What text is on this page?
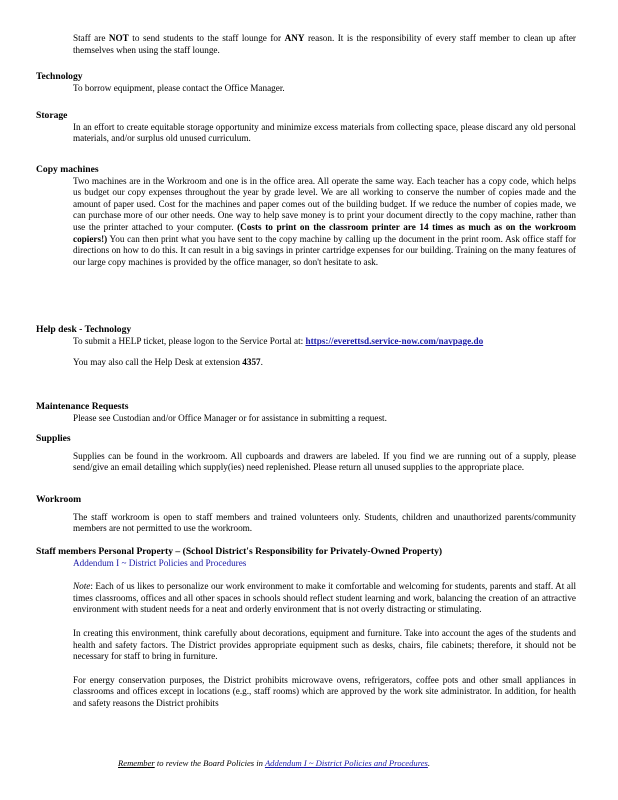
Staff are NOT to send students to the staff lounge for ANY reason. It is the responsibility of every staff member to clean up after themselves when using the staff lounge.

Technology

To borrow equipment, please contact the Office Manager.

Storage

In an effort to create equitable storage opportunity and minimize excess materials from collecting space, please discard any old personal materials, and/or surplus old unused curriculum.

Copy machines

Two machines are in the Workroom and one is in the office area. All operate the same way. Each teacher has a copy code, which helps us budget our copy expenses throughout the year by grade level. We are all working to conserve the number of copies made and the amount of paper used. Cost for the machines and paper comes out of the building budget. If we reduce the number of copies made, we can purchase more of our other needs. One way to help save money is to print your document directly to the copy machine, rather than use the printer attached to your computer. (Costs to print on the classroom printer are 14 times as much as on the workroom copiers!) You can then print what you have sent to the copy machine by calling up the document in the print room. Ask office staff for directions on how to do this. It can result in a big savings in printer cartridge expenses for our building. Training on the many features of our large copy machines is provided by the office manager, so don't hesitate to ask.

Help desk - Technology

To submit a HELP ticket, please logon to the Service Portal at: https://everettsd.service-now.com/navpage.do

You may also call the Help Desk at extension 4357.

Maintenance Requests

Please see Custodian and/or Office Manager or for assistance in submitting a request.

Supplies

Supplies can be found in the workroom. All cupboards and drawers are labeled. If you find we are running out of a supply, please send/give an email detailing which supply(ies) need replenished. Please return all unused supplies to the appropriate place.

Workroom

The staff workroom is open to staff members and trained volunteers only. Students, children and unauthorized parents/community members are not permitted to use the workroom.

Staff members Personal Property – (School District's Responsibility for Privately-Owned Property)

Addendum I ~ District Policies and Procedures

Note: Each of us likes to personalize our work environment to make it comfortable and welcoming for students, parents and staff. At all times classrooms, offices and all other spaces in schools should reflect student learning and work, balancing the creation of an attractive environment with student needs for a neat and orderly environment that is not overly distracting or stimulating.

In creating this environment, think carefully about decorations, equipment and furniture. Take into account the ages of the students and health and safety factors. The District provides appropriate equipment such as desks, chairs, file cabinets; therefore, it should not be necessary for staff to bring in furniture.

For energy conservation purposes, the District prohibits microwave ovens, refrigerators, coffee pots and other small appliances in classrooms and offices except in locations (e.g., staff rooms) which are approved by the work site administrator. In addition, for health and safety reasons the District prohibits

Remember to review the Board Policies in Addendum I ~ District Policies and Procedures.
